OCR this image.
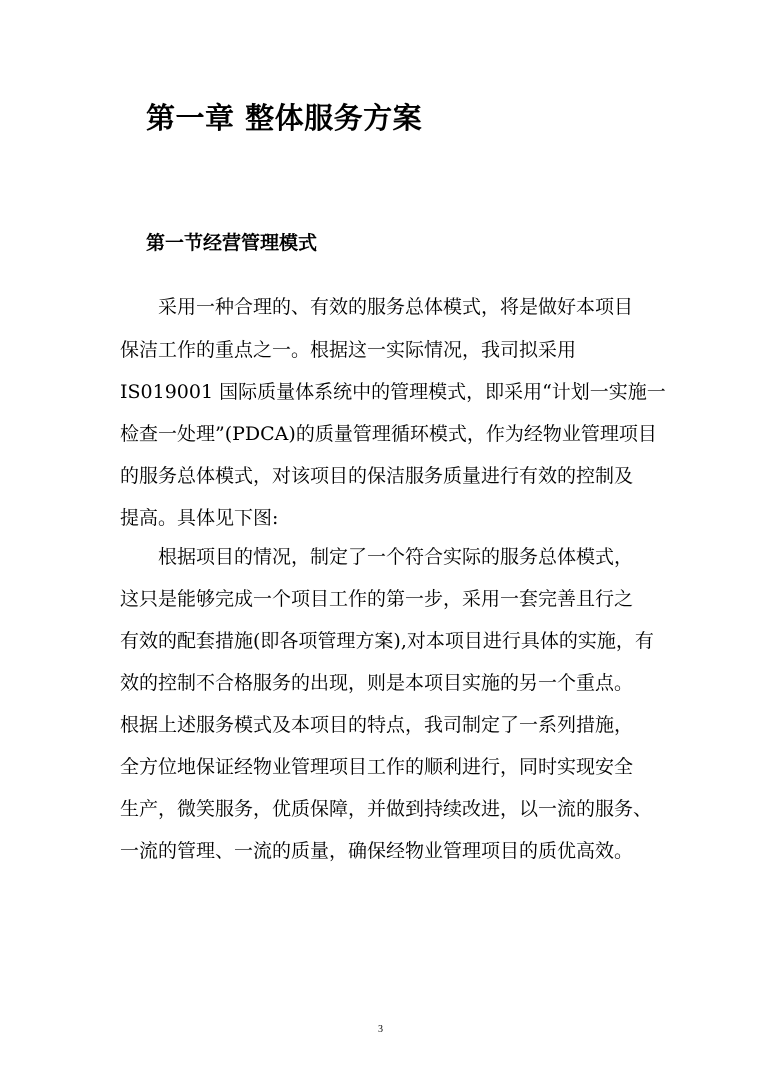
第一章 整体服务方案
第一节经营管理模式

采用一种合理的、有效的服务总体模式，将是做好本项目

保洁工作的重点之一。根据这一实际情况，我司拟采用

IS019001 国际质量体系统中的管理模式，即采用“计划一实施一

检查一处理”(PDCA)的质量管理循环模式，作为经物业管理项目

的服务总体模式，对该项目的保洁服务质量进行有效的控制及

提高。具体见下图:

根据项目的情况，制定了一个符合实际的服务总体模式，

这只是能够完成一个项目工作的第一步，采用一套完善且行之

有效的配套措施(即各项管理方案),对本项目进行具体的实施，有

效的控制不合格服务的出现，则是本项目实施的另一个重点。

根据上述服务模式及本项目的特点，我司制定了一系列措施，

全方位地保证经物业管理项目工作的顺利进行，同时实现安全

生产，微笑服务，优质保障，并做到持续改进，以一流的服务、

一流的管理、一流的质量，确保经物业管理项目的质优高效。

3
